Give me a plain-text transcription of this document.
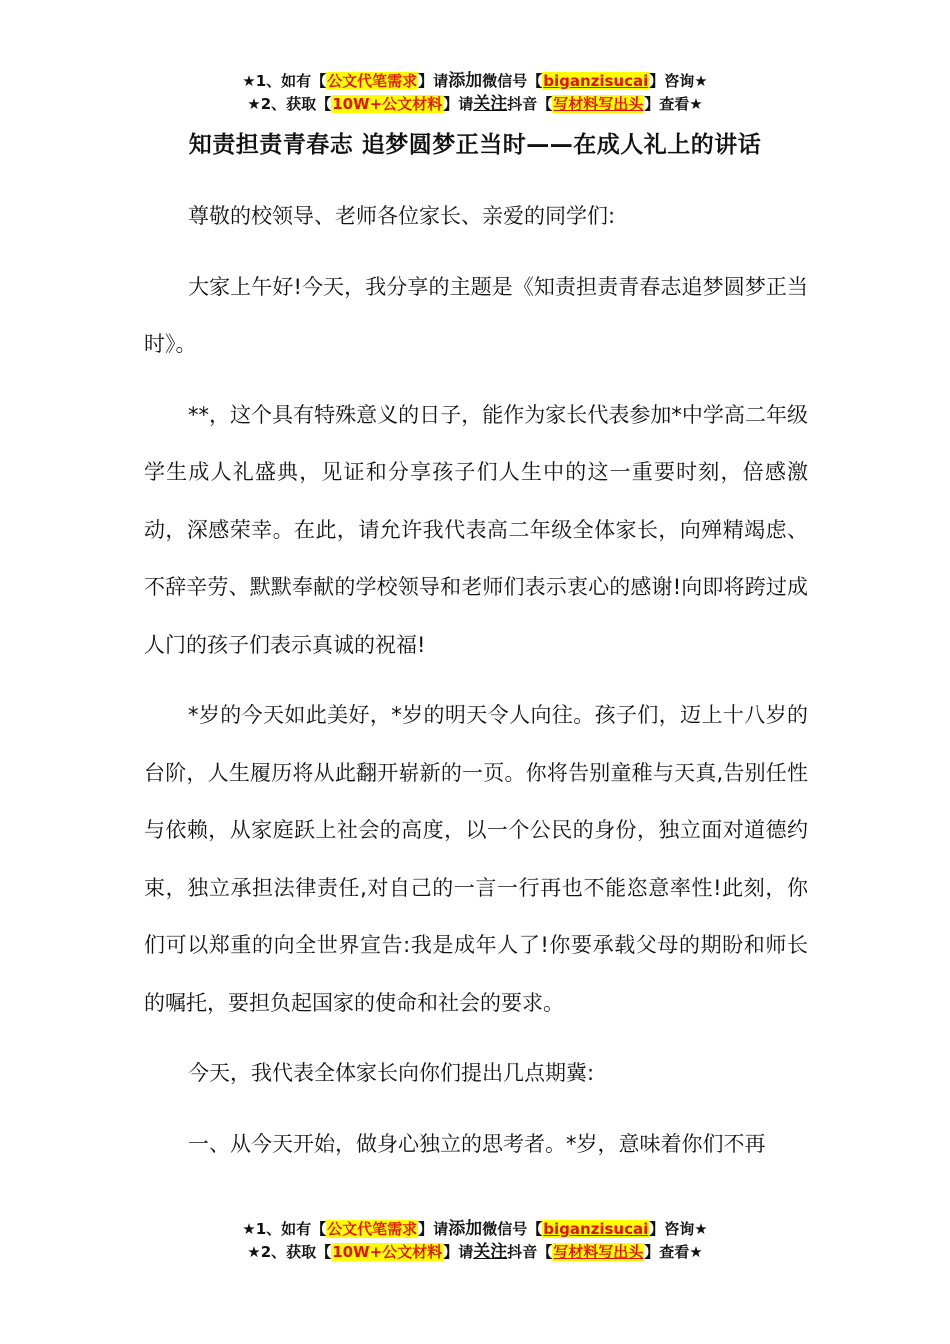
★1、如有【公文代笔需求】请添加微信号【biganzisucai】咨询★
★2、获取【10W+公文材料】请关注抖音【写材料写出头】查看★
知责担责青春志 追梦圆梦正当时——在成人礼上的讲话

尊敬的校领导、老师各位家长、亲爱的同学们:

大家上午好!今天，我分享的主题是《知责担责青春志追梦圆梦正当时》。

**，这个具有特殊意义的日子，能作为家长代表参加*中学高二年级学生成人礼盛典，见证和分享孩子们人生中的这一重要时刻，倍感激动，深感荣幸。在此，请允许我代表高二年级全体家长，向殚精竭虑、不辞辛劳、默默奉献的学校领导和老师们表示衷心的感谢!向即将跨过成人门的孩子们表示真诚的祝福!

*岁的今天如此美好，*岁的明天令人向往。孩子们，迈上十八岁的台阶，人生履历将从此翻开崭新的一页。你将告别童稚与天真,告别任性与依赖，从家庭跃上社会的高度，以一个公民的身份，独立面对道德约束，独立承担法律责任,对自己的一言一行再也不能恣意率性!此刻，你们可以郑重的向全世界宣告:我是成年人了!你要承载父母的期盼和师长的嘱托，要担负起国家的使命和社会的要求。

今天，我代表全体家长向你们提出几点期冀:

一、从今天开始，做身心独立的思考者。*岁，意味着你们不再

★1、如有【公文代笔需求】请添加微信号【biganzisucai】咨询★
★2、获取【10W+公文材料】请关注抖音【写材料写出头】查看★
